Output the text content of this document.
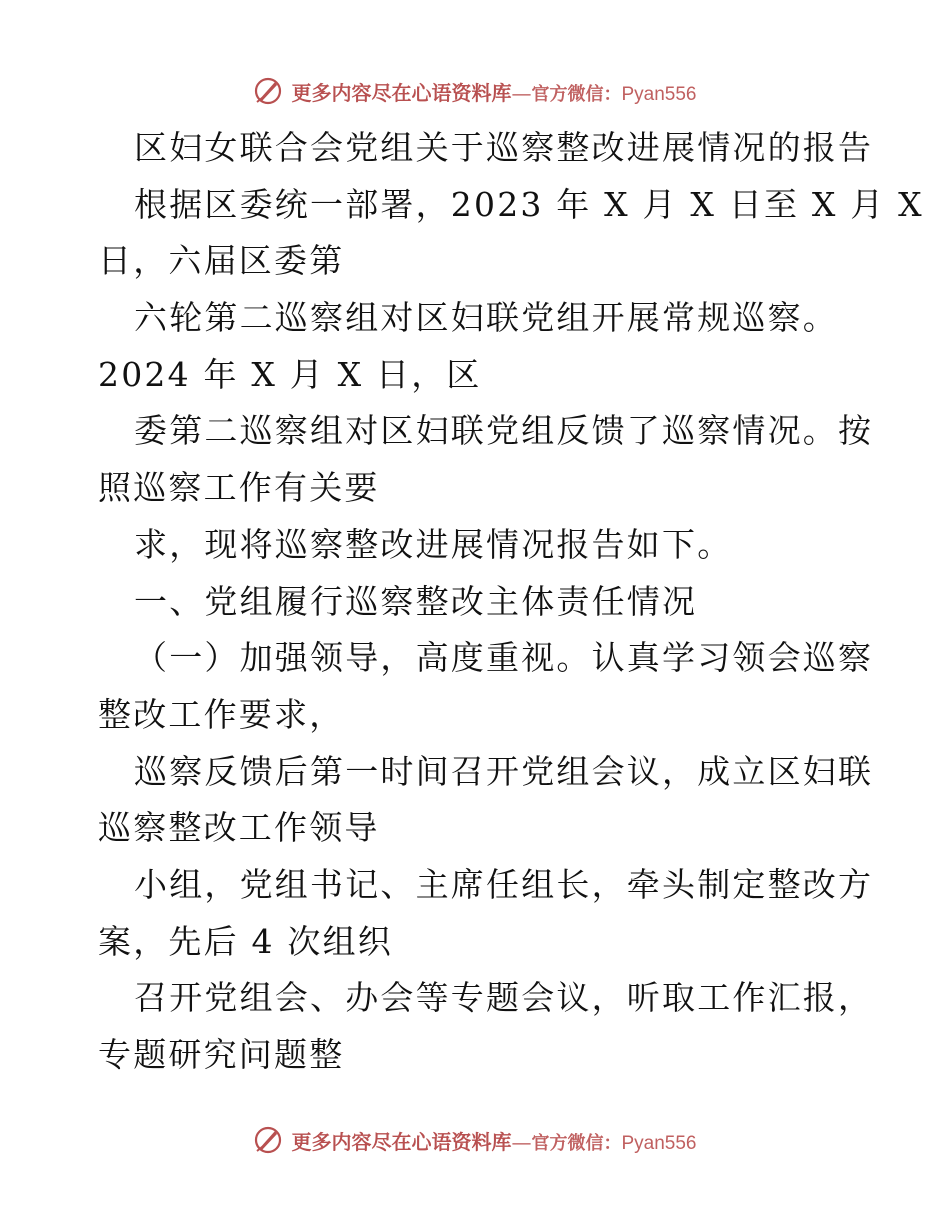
更多内容尽在心语资料库 — 官方微信： Pyan556
区妇女联合会党组关于巡察整改进展情况的报告
根据区委统一部署，2023 年 X 月 X 日至 X 月 X
日，六届区委第
六轮第二巡察组对区妇联党组开展常规巡察。
2024 年 X 月 X 日，区
委第二巡察组对区妇联党组反馈了巡察情况。按
照巡察工作有关要
求，现将巡察整改进展情况报告如下。
一、党组履行巡察整改主体责任情况
（一）加强领导，高度重视。认真学习领会巡察
整改工作要求，
巡察反馈后第一时间召开党组会议，成立区妇联
巡察整改工作领导
小组，党组书记、主席任组长，牵头制定整改方
案，先后 4 次组织
召开党组会、办会等专题会议，听取工作汇报，
专题研究问题整
更多内容尽在心语资料库 — 官方微信： Pyan556
